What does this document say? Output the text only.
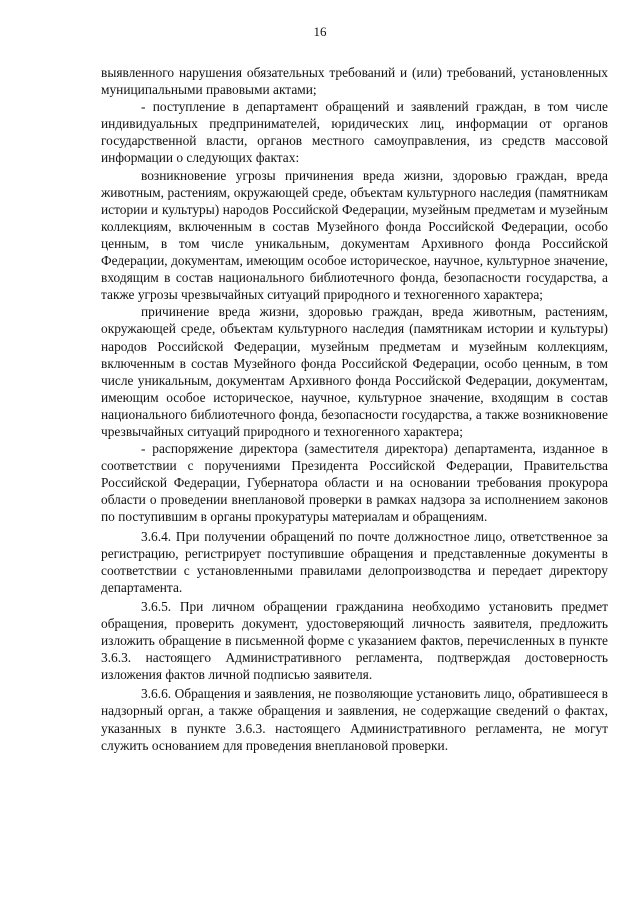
16

выявленного нарушения обязательных требований и (или) требований, установленных муниципальными правовыми актами;

- поступление в департамент обращений и заявлений граждан, в том числе индивидуальных предпринимателей, юридических лиц, информации от органов государственной власти, органов местного самоуправления, из средств массовой информации о следующих фактах:

возникновение угрозы причинения вреда жизни, здоровью граждан, вреда животным, растениям, окружающей среде, объектам культурного наследия (памятникам истории и культуры) народов Российской Федерации, музейным предметам и музейным коллекциям, включенным в состав Музейного фонда Российской Федерации, особо ценным, в том числе уникальным, документам Архивного фонда Российской Федерации, документам, имеющим особое историческое, научное, культурное значение, входящим в состав национального библиотечного фонда, безопасности государства, а также угрозы чрезвычайных ситуаций природного и техногенного характера;

причинение вреда жизни, здоровью граждан, вреда животным, растениям, окружающей среде, объектам культурного наследия (памятникам истории и культуры) народов Российской Федерации, музейным предметам и музейным коллекциям, включенным в состав Музейного фонда Российской Федерации, особо ценным, в том числе уникальным, документам Архивного фонда Российской Федерации, документам, имеющим особое историческое, научное, культурное значение, входящим в состав национального библиотечного фонда, безопасности государства, а также возникновение чрезвычайных ситуаций природного и техногенного характера;

- распоряжение директора (заместителя директора) департамента, изданное в соответствии с поручениями Президента Российской Федерации, Правительства Российской Федерации, Губернатора области и на основании требования прокурора области о проведении внеплановой проверки в рамках надзора за исполнением законов по поступившим в органы прокуратуры материалам и обращениям.

3.6.4. При получении обращений по почте должностное лицо, ответственное за регистрацию, регистрирует поступившие обращения и представленные документы в соответствии с установленными правилами делопроизводства и передает директору департамента.

3.6.5. При личном обращении гражданина необходимо установить предмет обращения, проверить документ, удостоверяющий личность заявителя, предложить изложить обращение в письменной форме с указанием фактов, перечисленных в пункте 3.6.3. настоящего Административного регламента, подтверждая достоверность изложения фактов личной подписью заявителя.

3.6.6. Обращения и заявления, не позволяющие установить лицо, обратившееся в надзорный орган, а также обращения и заявления, не содержащие сведений о фактах, указанных в пункте 3.6.3. настоящего Административного регламента, не могут служить основанием для проведения внеплановой проверки.
